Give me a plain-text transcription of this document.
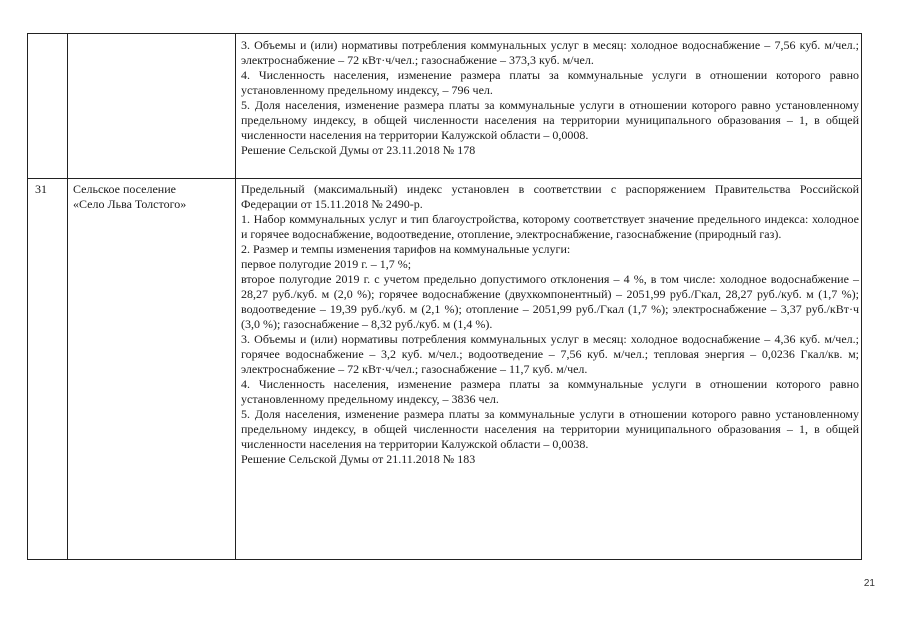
3. Объемы и (или) нормативы потребления коммунальных услуг в месяц: холодное водоснабжение – 7,56 куб. м/чел.; электроснабжение – 72 кВт·ч/чел.; газоснабжение – 373,3 куб. м/чел.

4. Численность населения, изменение размера платы за коммунальные услуги в отношении которого равно установленному предельному индексу, – 796 чел.

5. Доля населения, изменение размера платы за коммунальные услуги в отношении которого равно установленному предельному индексу, в общей численности населения на территории муниципального образования – 1, в общей численности населения на территории Калужской области – 0,0008.

Решение Сельской Думы от 23.11.2018 № 178

31	Сельское поселение

«Село Льва Толстого»

Предельный (максимальный) индекс установлен в соответствии с распоряжением Правительства Российской Федерации от 15.11.2018 № 2490-р.

1. Набор коммунальных услуг и тип благоустройства, которому соответствует значение предельного индекса: холодное и горячее водоснабжение, водоотведение, отопление, электроснабжение, газоснабжение (природный газ).

2. Размер и темпы изменения тарифов на коммунальные услуги:

первое полугодие 2019 г. – 1,7 %;

второе полугодие 2019 г. с учетом предельно допустимого отклонения – 4 %, в том числе: холодное водоснабжение – 28,27 руб./куб. м (2,0 %); горячее водоснабжение (двухкомпонентный) – 2051,99 руб./Гкал, 28,27 руб./куб. м (1,7 %); водоотведение – 19,39 руб./куб. м (2,1 %); отопление – 2051,99 руб./Гкал (1,7 %); электроснабжение – 3,37 руб./кВт·ч (3,0 %); газоснабжение – 8,32 руб./куб. м (1,4 %).

3. Объемы и (или) нормативы потребления коммунальных услуг в месяц: холодное водоснабжение – 4,36 куб. м/чел.; горячее водоснабжение – 3,2 куб. м/чел.; водоотведение – 7,56 куб. м/чел.; тепловая энергия – 0,0236 Гкал/кв. м; электроснабжение – 72 кВт·ч/чел.; газоснабжение – 11,7 куб. м/чел.

4. Численность населения, изменение размера платы за коммунальные услуги в отношении которого равно установленному предельному индексу, – 3836 чел.

5. Доля населения, изменение размера платы за коммунальные услуги в отношении которого равно установленному предельному индексу, в общей численности населения на территории муниципального образования – 1, в общей численности населения на территории Калужской области – 0,0038.

Решение Сельской Думы от 21.11.2018 № 183

21
